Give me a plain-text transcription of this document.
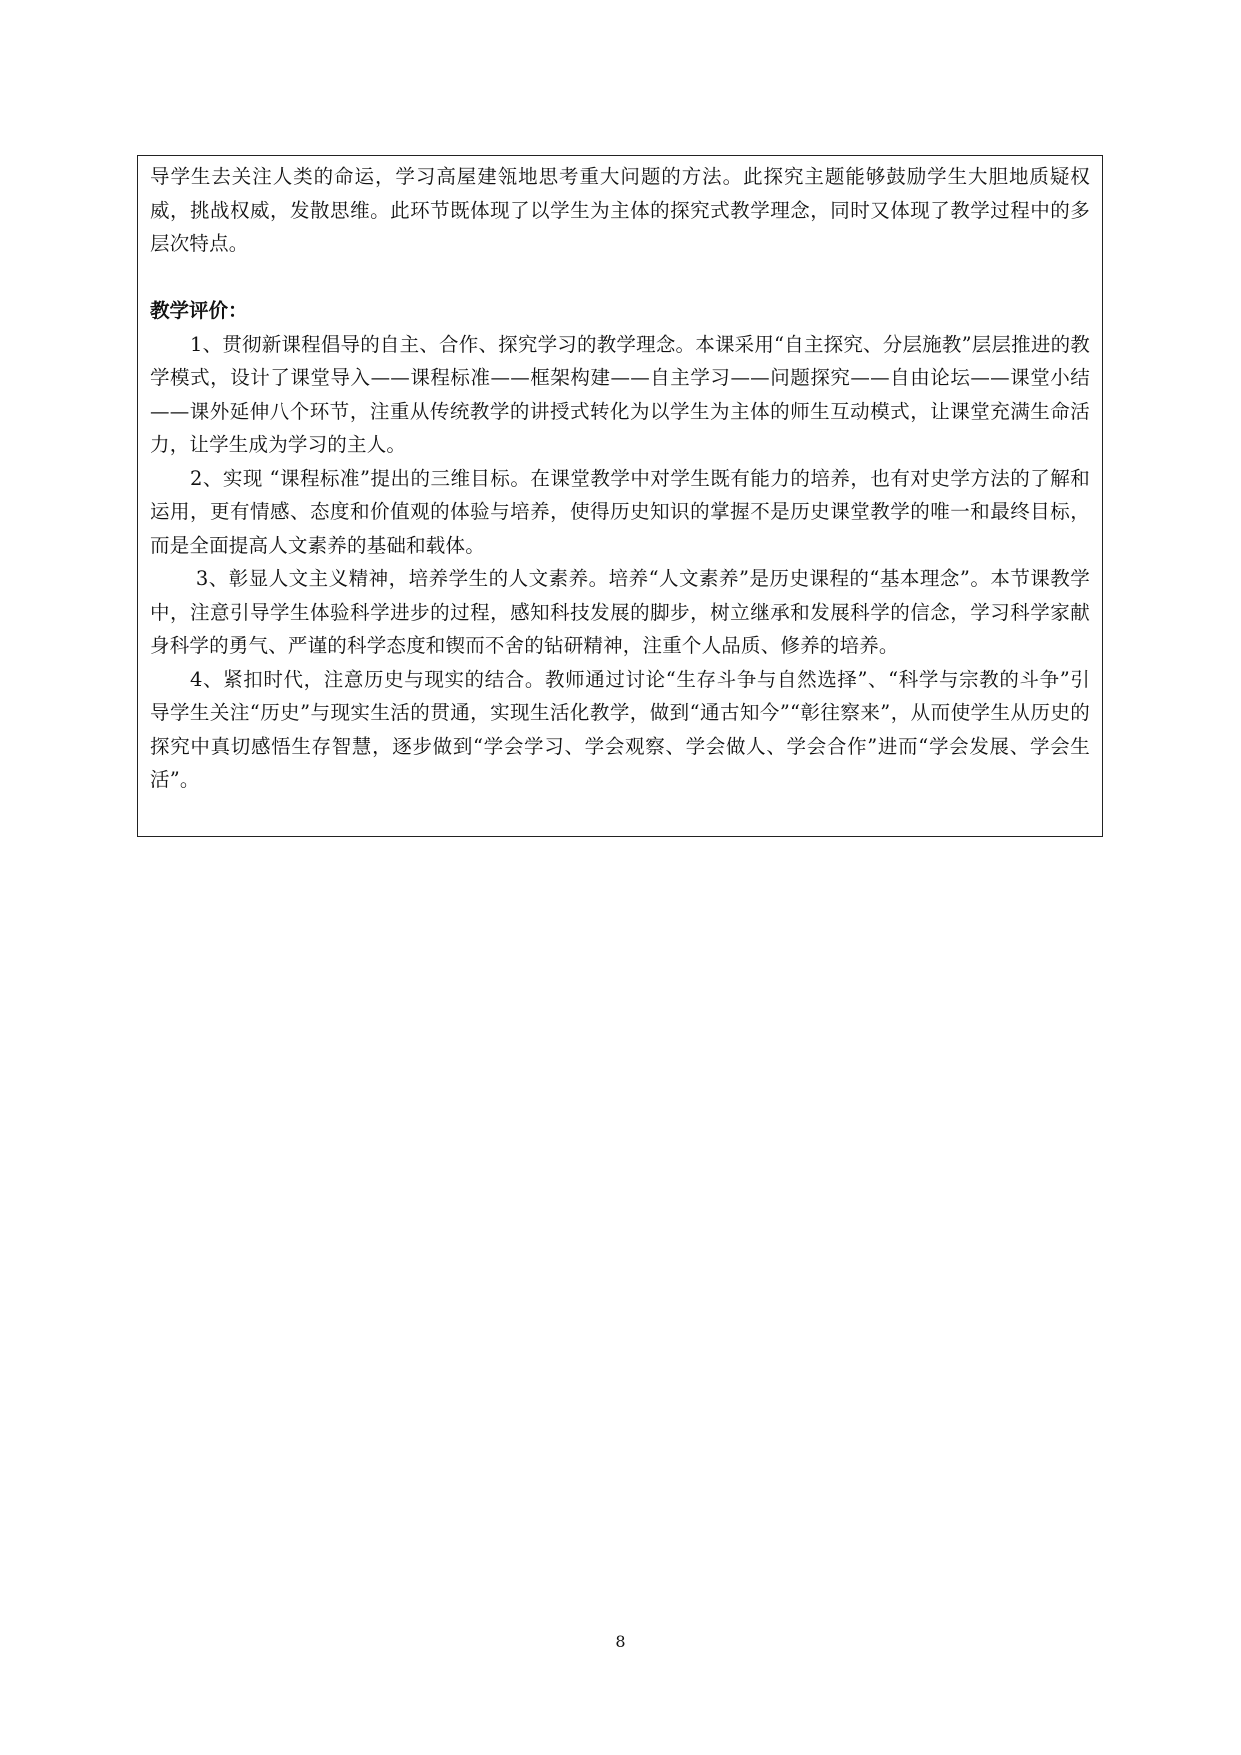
导学生去关注人类的命运，学习高屋建瓴地思考重大问题的方法。此探究主题能够鼓励学生大胆地质疑权威，挑战权威，发散思维。此环节既体现了以学生为主体的探究式教学理念，同时又体现了教学过程中的多层次特点。

教学评价：

1、贯彻新课程倡导的自主、合作、探究学习的教学理念。本课采用“自主探究、分层施教”层层推进的教学模式，设计了课堂导入——课程标准——框架构建——自主学习——问题探究——自由论坛——课堂小结——课外延伸八个环节，注重从传统教学的讲授式转化为以学生为主体的师生互动模式，让课堂充满生命活力，让学生成为学习的主人。

2、实现 “课程标准”提出的三维目标。在课堂教学中对学生既有能力的培养，也有对史学方法的了解和运用，更有情感、态度和价值观的体验与培养，使得历史知识的掌握不是历史课堂教学的唯一和最终目标，而是全面提高人文素养的基础和载体。

3、彰显人文主义精神，培养学生的人文素养。培养“人文素养”是历史课程的“基本理念”。本节课教学中，注意引导学生体验科学进步的过程，感知科技发展的脚步，树立继承和发展科学的信念，学习科学家献身科学的勇气、严谨的科学态度和锲而不舍的钻研精神，注重个人品质、修养的培养。

4、紧扣时代，注意历史与现实的结合。教师通过讨论“生存斗争与自然选择”、“科学与宗教的斗争”引导学生关注“历史”与现实生活的贯通，实现生活化教学，做到“通古知今”“彰往察来”，从而使学生从历史的探究中真切感悟生存智慧，逐步做到“学会学习、学会观察、学会做人、学会合作”进而“学会发展、学会生活”。

8
